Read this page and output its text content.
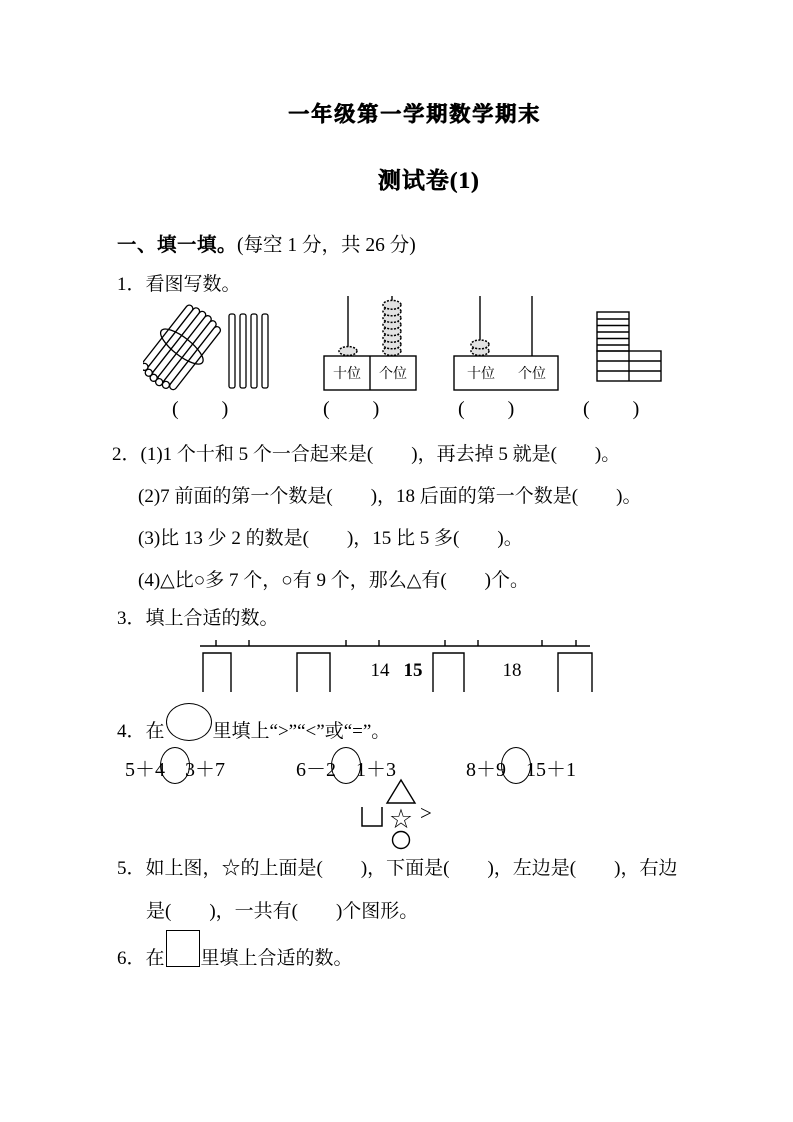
一年级第一学期数学期末
测试卷(1)
一、填一填。(每空 1 分，共 26 分)
1．看图写数。
十位 个位	十位 个位
(　　)	(　　)	(　　)	(　　)

2．(1)1 个十和 5 个一合起来是(　　)，再去掉 5 就是(　　)。

(2)7 前面的第一个数是(　　)，18 后面的第一个数是(　　)。

(3)比 13 少 2 的数是(　　)，15 比 5 多(　　)。

(4)△比○多 7 个，○有 9 个，那么△有(　　)个。

3．填上合适的数。
14 15	18
4．在	里填上“>”“<”或“=”。
5＋4 3＋7	6－2 1＋3	8＋9 15＋1
☆ >
5．如上图，☆的上面是(　　)，下面是(　　)，左边是(　　)，右边
是(　　)，一共有(　　)个图形。
6．在 里填上合适的数。
